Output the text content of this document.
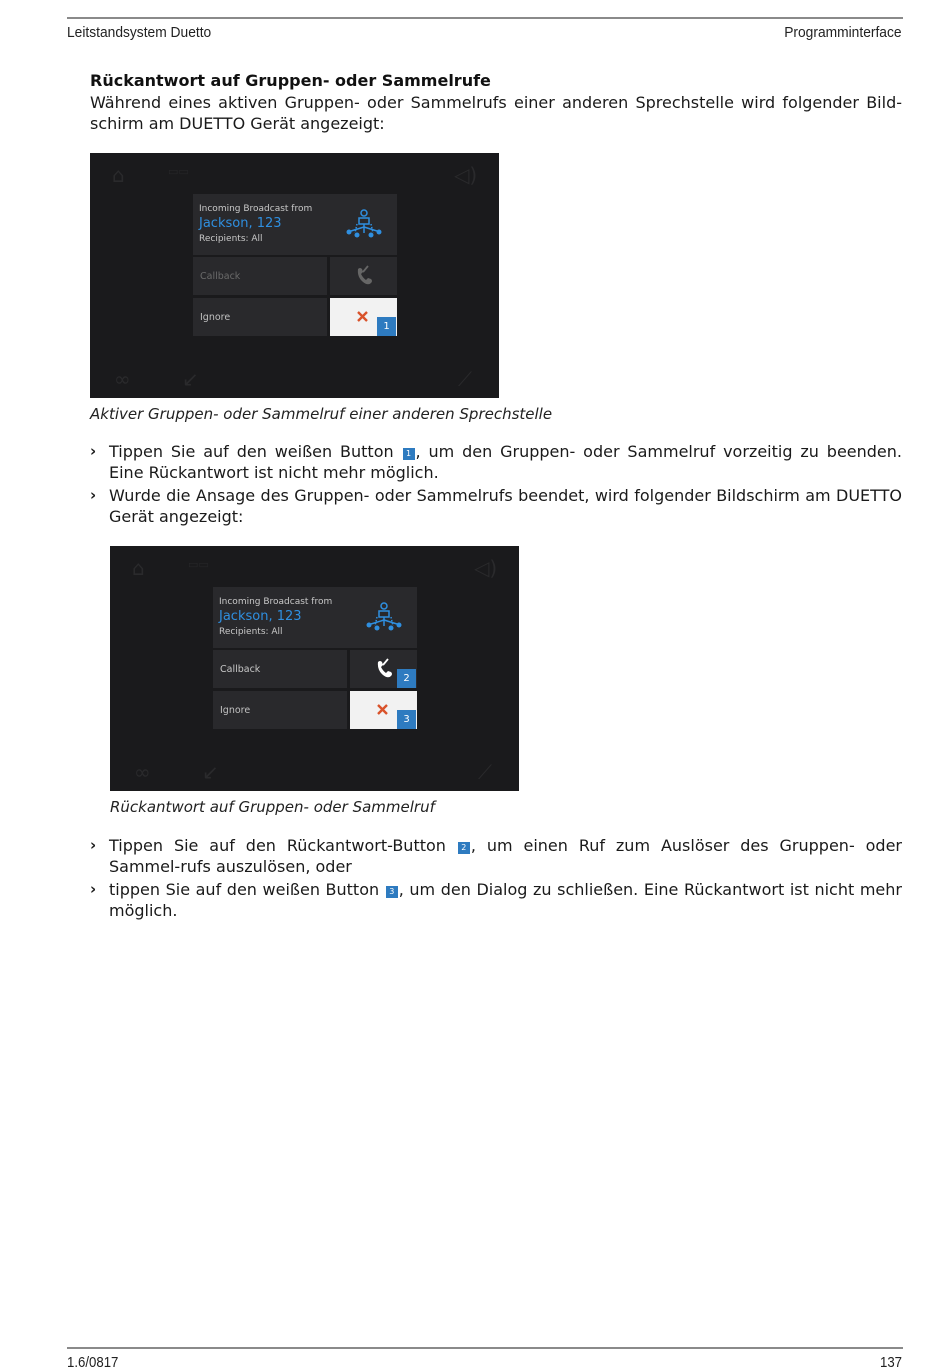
Leitstandsystem Duetto	Programminterface
Rückantwort auf Gruppen- oder Sammelrufe
Während eines aktiven Gruppen- oder Sammelrufs einer anderen Sprechstelle wird folgender Bild-schirm am DUETTO Gerät angezeigt:
⌂	▭▭	◁)
∞	↙	⟋
Incoming Broadcast from
Jackson, 123
Recipients: All
Callback
Ignore
1
Aktiver Gruppen- oder Sammelruf einer anderen Sprechstelle
› Tippen Sie auf den weißen Button 1 , um den Gruppen- oder Sammelruf vorzeitig zu beenden. Eine Rückantwort ist nicht mehr möglich.
› Wurde die Ansage des Gruppen- oder Sammelrufs beendet, wird folgender Bildschirm am DUETTO Gerät angezeigt:
⌂	▭▭	◁)
∞	↙	⟋
Incoming Broadcast from
Jackson, 123
Recipients: All
Callback
2
Ignore
3
Rückantwort auf Gruppen- oder Sammelruf
› Tippen Sie auf den Rückantwort-Button 2 , um einen Ruf zum Auslöser des Gruppen- oder Sammel-rufs auszulösen, oder
› tippen Sie auf den weißen Button 3 , um den Dialog zu schließen. Eine Rückantwort ist nicht mehr möglich.
1.6/0817	137
